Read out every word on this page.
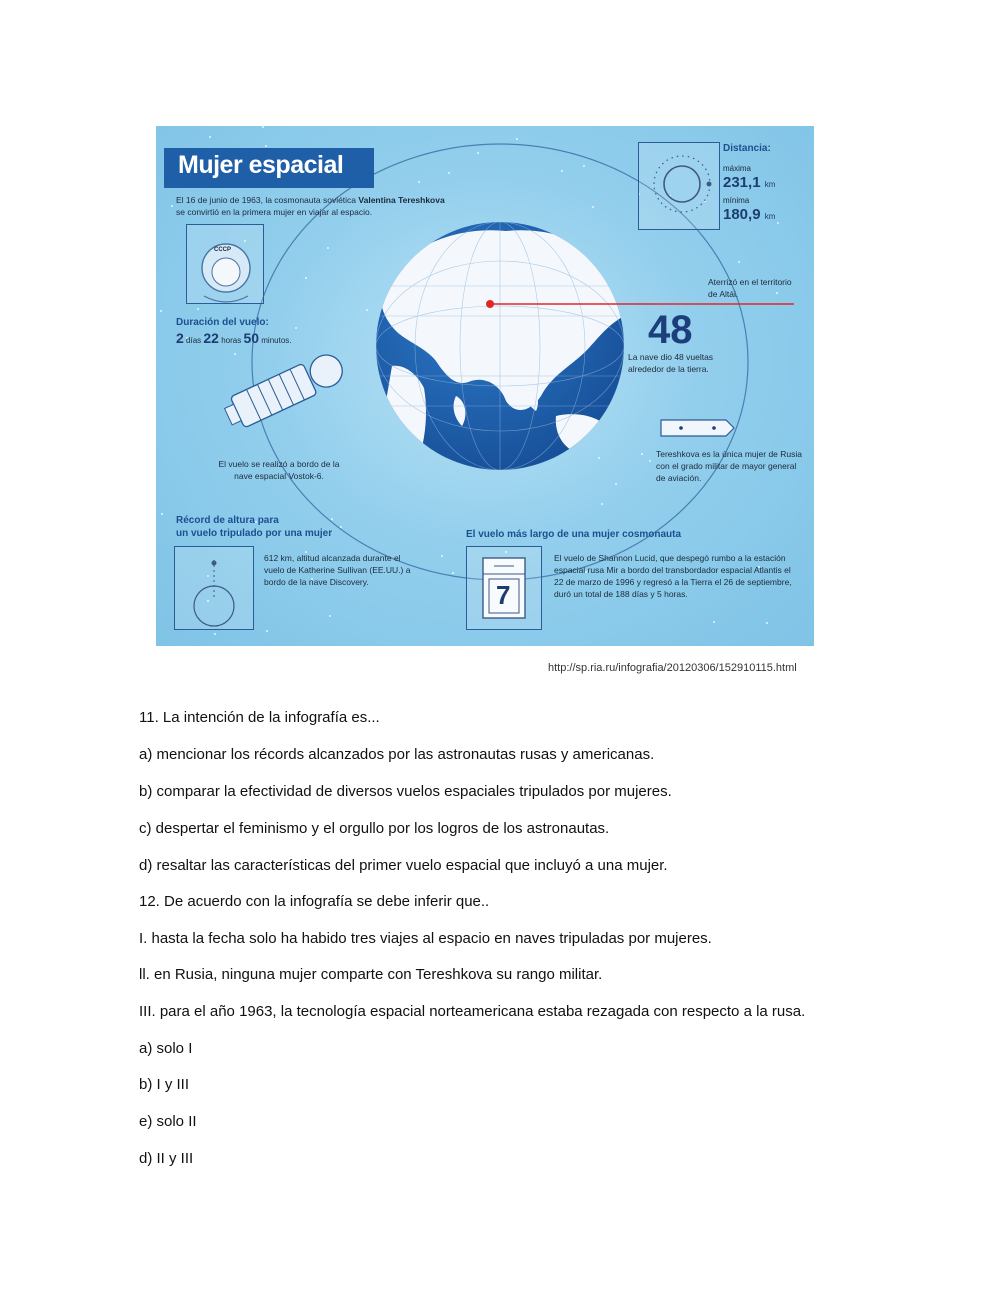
Mujer espacial
El 16 de junio de 1963, la cosmonauta soviética Valentina Tereshkova
se convirtió en la primera mujer en viajar al espacio.
Distancia:
máxima
231,1 km
mínima
180,9 km
CCCP
Aterrizó en el territorio de Altái.
Duración del vuelo:
2 días 22 horas 50 minutos.	48
La nave dio 48 vueltas alrededor de la tierra.
El vuelo se realizó a bordo de la nave espacial Vostok-6.
Tereshkova es la única mujer de Rusia con el grado militar de mayor general de aviación.
Récord de altura para
un vuelo tripulado por una mujer
612 km, altitud alcanzada durante el vuelo de Katherine Sullivan (EE.UU.) a bordo de la nave Discovery.
El vuelo más largo de una mujer cosmonauta
7
El vuelo de Shannon Lucid, que despegó rumbo a la estación espacial rusa Mir a bordo del transbordador espacial Atlantis el 22 de marzo de 1996 y regresó a la Tierra el 26 de septiembre, duró un total de 188 días y 5 horas.
http://sp.ria.ru/infografia/20120306/152910115.html
11. La intención de la infografía es...
a) mencionar los récords alcanzados por las astronautas rusas y americanas.
b) comparar la efectividad de diversos vuelos espaciales tripulados por mujeres.
c) despertar el feminismo y el orgullo por los logros de los astronautas.
d) resaltar las características del primer vuelo espacial que incluyó a una mujer.
12. De acuerdo con la infografía se debe inferir que..
I. hasta la fecha solo ha habido tres viajes al espacio en naves tripuladas por mujeres.
ll. en Rusia, ninguna mujer comparte con Tereshkova su rango militar.
III. para el año 1963, la tecnología espacial norteamericana estaba rezagada con respecto a la rusa.
a) solo I
b) I y III
e) solo II
d) II y III
